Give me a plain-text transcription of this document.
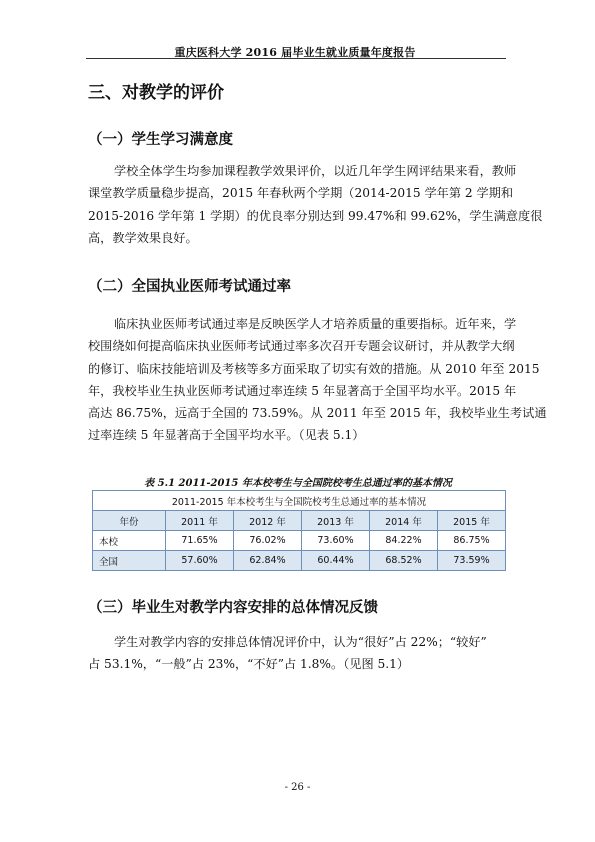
重庆医科大学 2016 届毕业生就业质量年度报告
三、对教学的评价
（一）学生学习满意度
学校全体学生均参加课程教学效果评价，以近几年学生网评结果来看，教师
课堂教学质量稳步提高，2015 年春秋两个学期（2014-2015 学年第 2 学期和
2015-2016 学年第 1 学期）的优良率分别达到 99.47%和 99.62%，学生满意度很
高，教学效果良好。
（二）全国执业医师考试通过率
临床执业医师考试通过率是反映医学人才培养质量的重要指标。近年来，学
校围绕如何提高临床执业医师考试通过率多次召开专题会议研讨，并从教学大纲
的修订、临床技能培训及考核等多方面采取了切实有效的措施。从 2010 年至 2015
年，我校毕业生执业医师考试通过率连续 5 年显著高于全国平均水平。2015 年
高达 86.75%，远高于全国的 73.59%。从 2011 年至 2015 年，我校毕业生考试通
过率连续 5 年显著高于全国平均水平。（见表 5.1）
表 5.1 2011-2015 年本校考生与全国院校考生总通过率的基本情况
2011-2015 年本校考生与全国院校考生总通过率的基本情况					
年份	2011 年	2012 年	2013 年	2014 年	2015 年
本校	71.65%	76.02%	73.60%	84.22%	86.75%
全国	57.60%	62.84%	60.44%	68.52%	73.59%
（三）毕业生对教学内容安排的总体情况反馈
学生对教学内容的安排总体情况评价中，认为“很好”占 22%；“较好”
占 53.1%，“一般”占 23%，“不好”占 1.8%。（见图 5.1）
- 26 -
